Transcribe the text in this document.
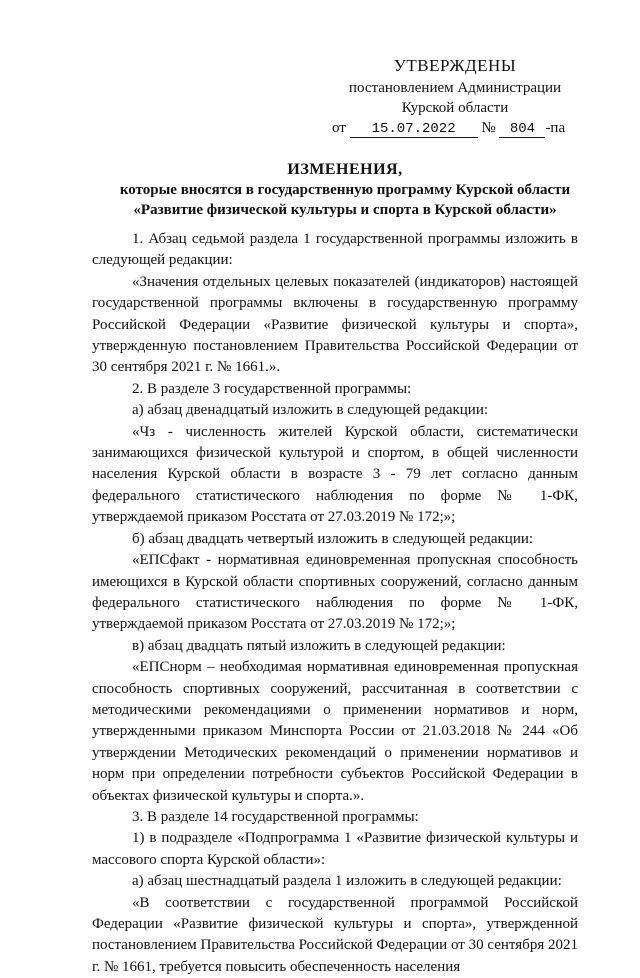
УТВЕРЖДЕНЫ
постановлением Администрации
Курской области
от 15.07.2022 № 804 -па
ИЗМЕНЕНИЯ,
которые вносятся в государственную программу Курской области
«Развитие физической культуры и спорта в Курской области»

1. Абзац седьмой раздела 1 государственной программы изложить в следующей редакции:

«Значения отдельных целевых показателей (индикаторов) настоящей государственной программы включены в государственную программу Российской Федерации «Развитие физической культуры и спорта», утвержденную постановлением Правительства Российской Федерации от 30 сентября 2021 г. № 1661.».

2. В разделе 3 государственной программы:

а) абзац двенадцатый изложить в следующей редакции:

«Чз - численность жителей Курской области, систематически занимающихся физической культурой и спортом, в общей численности населения Курской области в возрасте 3 - 79 лет согласно данным федерального статистического наблюдения по форме № 1-ФК, утверждаемой приказом Росстата от 27.03.2019 № 172;»;

б) абзац двадцать четвертый изложить в следующей редакции:

«ЕПСфакт - нормативная единовременная пропускная способность имеющихся в Курской области спортивных сооружений, согласно данным федерального статистического наблюдения по форме № 1-ФК, утверждаемой приказом Росстата от 27.03.2019 № 172;»;

в) абзац двадцать пятый изложить в следующей редакции:

«ЕПСнорм – необходимая нормативная единовременная пропускная способность спортивных сооружений, рассчитанная в соответствии с методическими рекомендациями о применении нормативов и норм, утвержденными приказом Минспорта России от 21.03.2018 № 244 «Об утверждении Методических рекомендаций о применении нормативов и норм при определении потребности субъектов Российской Федерации в объектах физической культуры и спорта.».

3. В разделе 14 государственной программы:

1) в подразделе «Подпрограмма 1 «Развитие физической культуры и массового спорта Курской области»:

а) абзац шестнадцатый раздела 1 изложить в следующей редакции:

«В соответствии с государственной программой Российской Федерации «Развитие физической культуры и спорта», утвержденной постановлением Правительства Российской Федерации от 30 сентября 2021 г. № 1661, требуется повысить обеспеченность населения
